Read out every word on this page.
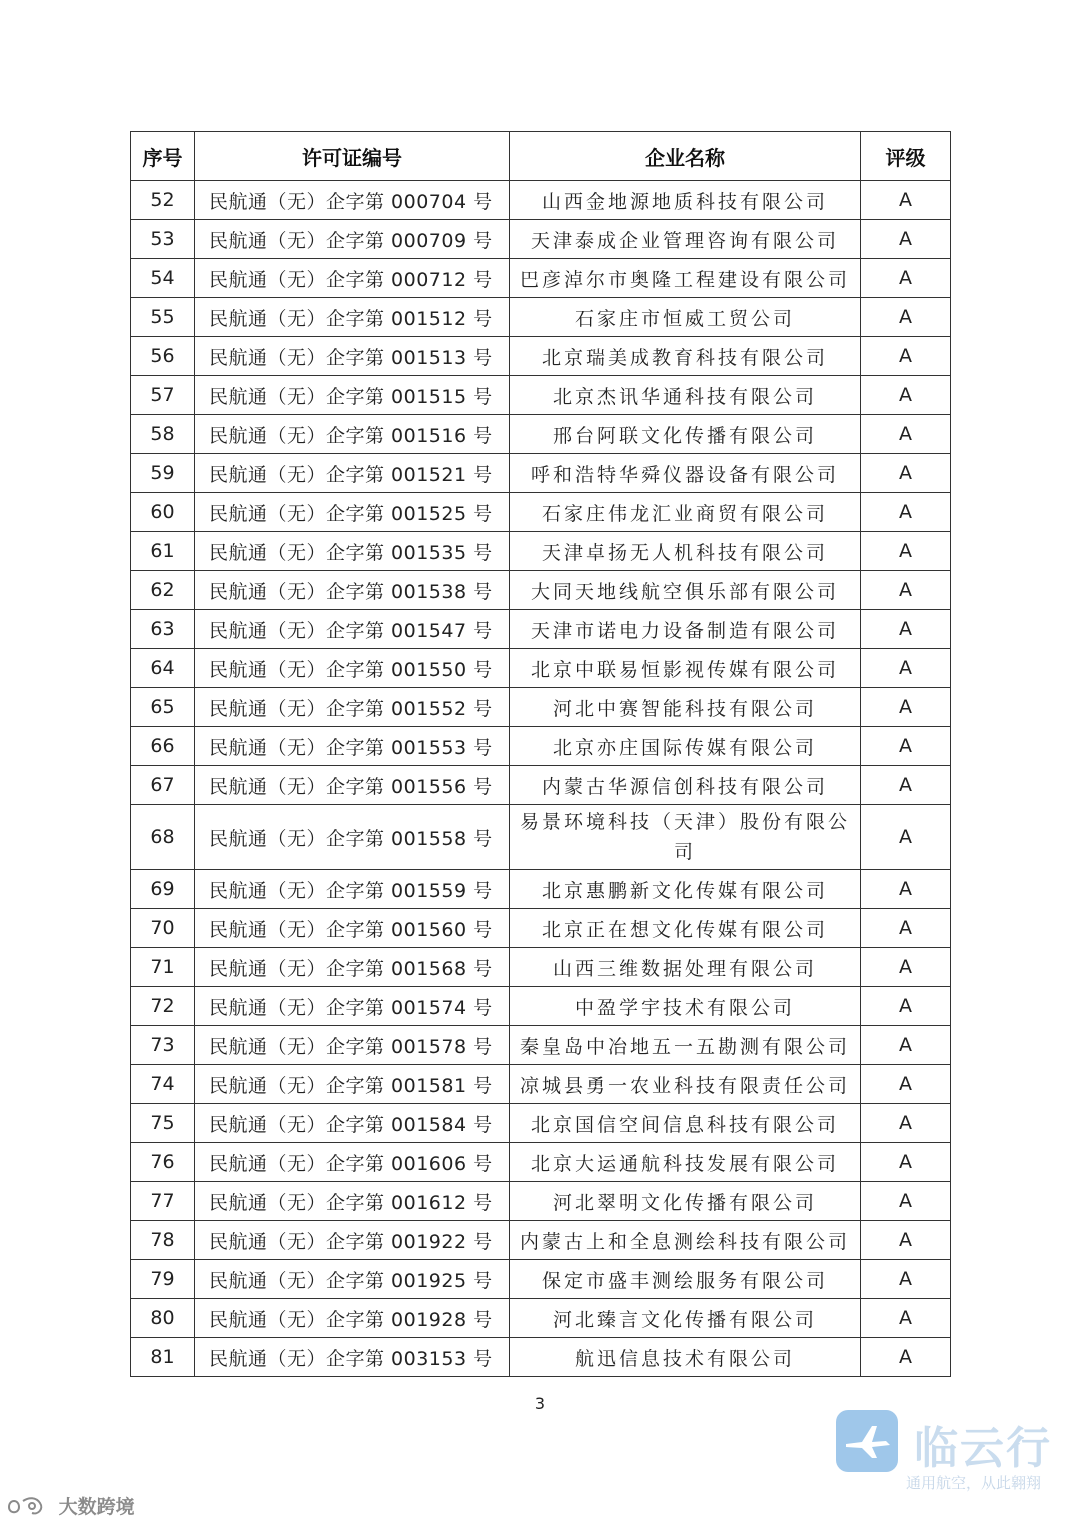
序号	许可证编号	企业名称	评级
52	民航通（无）企字第 000704 号	山西金地源地质科技有限公司	A
53	民航通（无）企字第 000709 号	天津泰成企业管理咨询有限公司	A
54	民航通（无）企字第 000712 号	巴彦淖尔市奥隆工程建设有限公司	A
55	民航通（无）企字第 001512 号	石家庄市恒威工贸公司	A
56	民航通（无）企字第 001513 号	北京瑞美成教育科技有限公司	A
57	民航通（无）企字第 001515 号	北京杰讯华通科技有限公司	A
58	民航通（无）企字第 001516 号	邢台阿联文化传播有限公司	A
59	民航通（无）企字第 001521 号	呼和浩特华舜仪器设备有限公司	A
60	民航通（无）企字第 001525 号	石家庄伟龙汇业商贸有限公司	A
61	民航通（无）企字第 001535 号	天津卓扬无人机科技有限公司	A
62	民航通（无）企字第 001538 号	大同天地线航空俱乐部有限公司	A
63	民航通（无）企字第 001547 号	天津市诺电力设备制造有限公司	A
64	民航通（无）企字第 001550 号	北京中联易恒影视传媒有限公司	A
65	民航通（无）企字第 001552 号	河北中赛智能科技有限公司	A
66	民航通（无）企字第 001553 号	北京亦庄国际传媒有限公司	A
67	民航通（无）企字第 001556 号	内蒙古华源信创科技有限公司	A
68	民航通（无）企字第 001558 号	易景环境科技（天津）股份有限公司	A
69	民航通（无）企字第 001559 号	北京惠鹏新文化传媒有限公司	A
70	民航通（无）企字第 001560 号	北京正在想文化传媒有限公司	A
71	民航通（无）企字第 001568 号	山西三维数据处理有限公司	A
72	民航通（无）企字第 001574 号	中盈学宇技术有限公司	A
73	民航通（无）企字第 001578 号	秦皇岛中冶地五一五勘测有限公司	A
74	民航通（无）企字第 001581 号	凉城县勇一农业科技有限责任公司	A
75	民航通（无）企字第 001584 号	北京国信空间信息科技有限公司	A
76	民航通（无）企字第 001606 号	北京大运通航科技发展有限公司	A
77	民航通（无）企字第 001612 号	河北翠明文化传播有限公司	A
78	民航通（无）企字第 001922 号	内蒙古上和全息测绘科技有限公司	A
79	民航通（无）企字第 001925 号	保定市盛丰测绘服务有限公司	A
80	民航通（无）企字第 001928 号	河北臻言文化传播有限公司	A
81	民航通（无）企字第 003153 号	航迅信息技术有限公司	A
3
临云行
通用航空，从此翱翔
大数跨境
